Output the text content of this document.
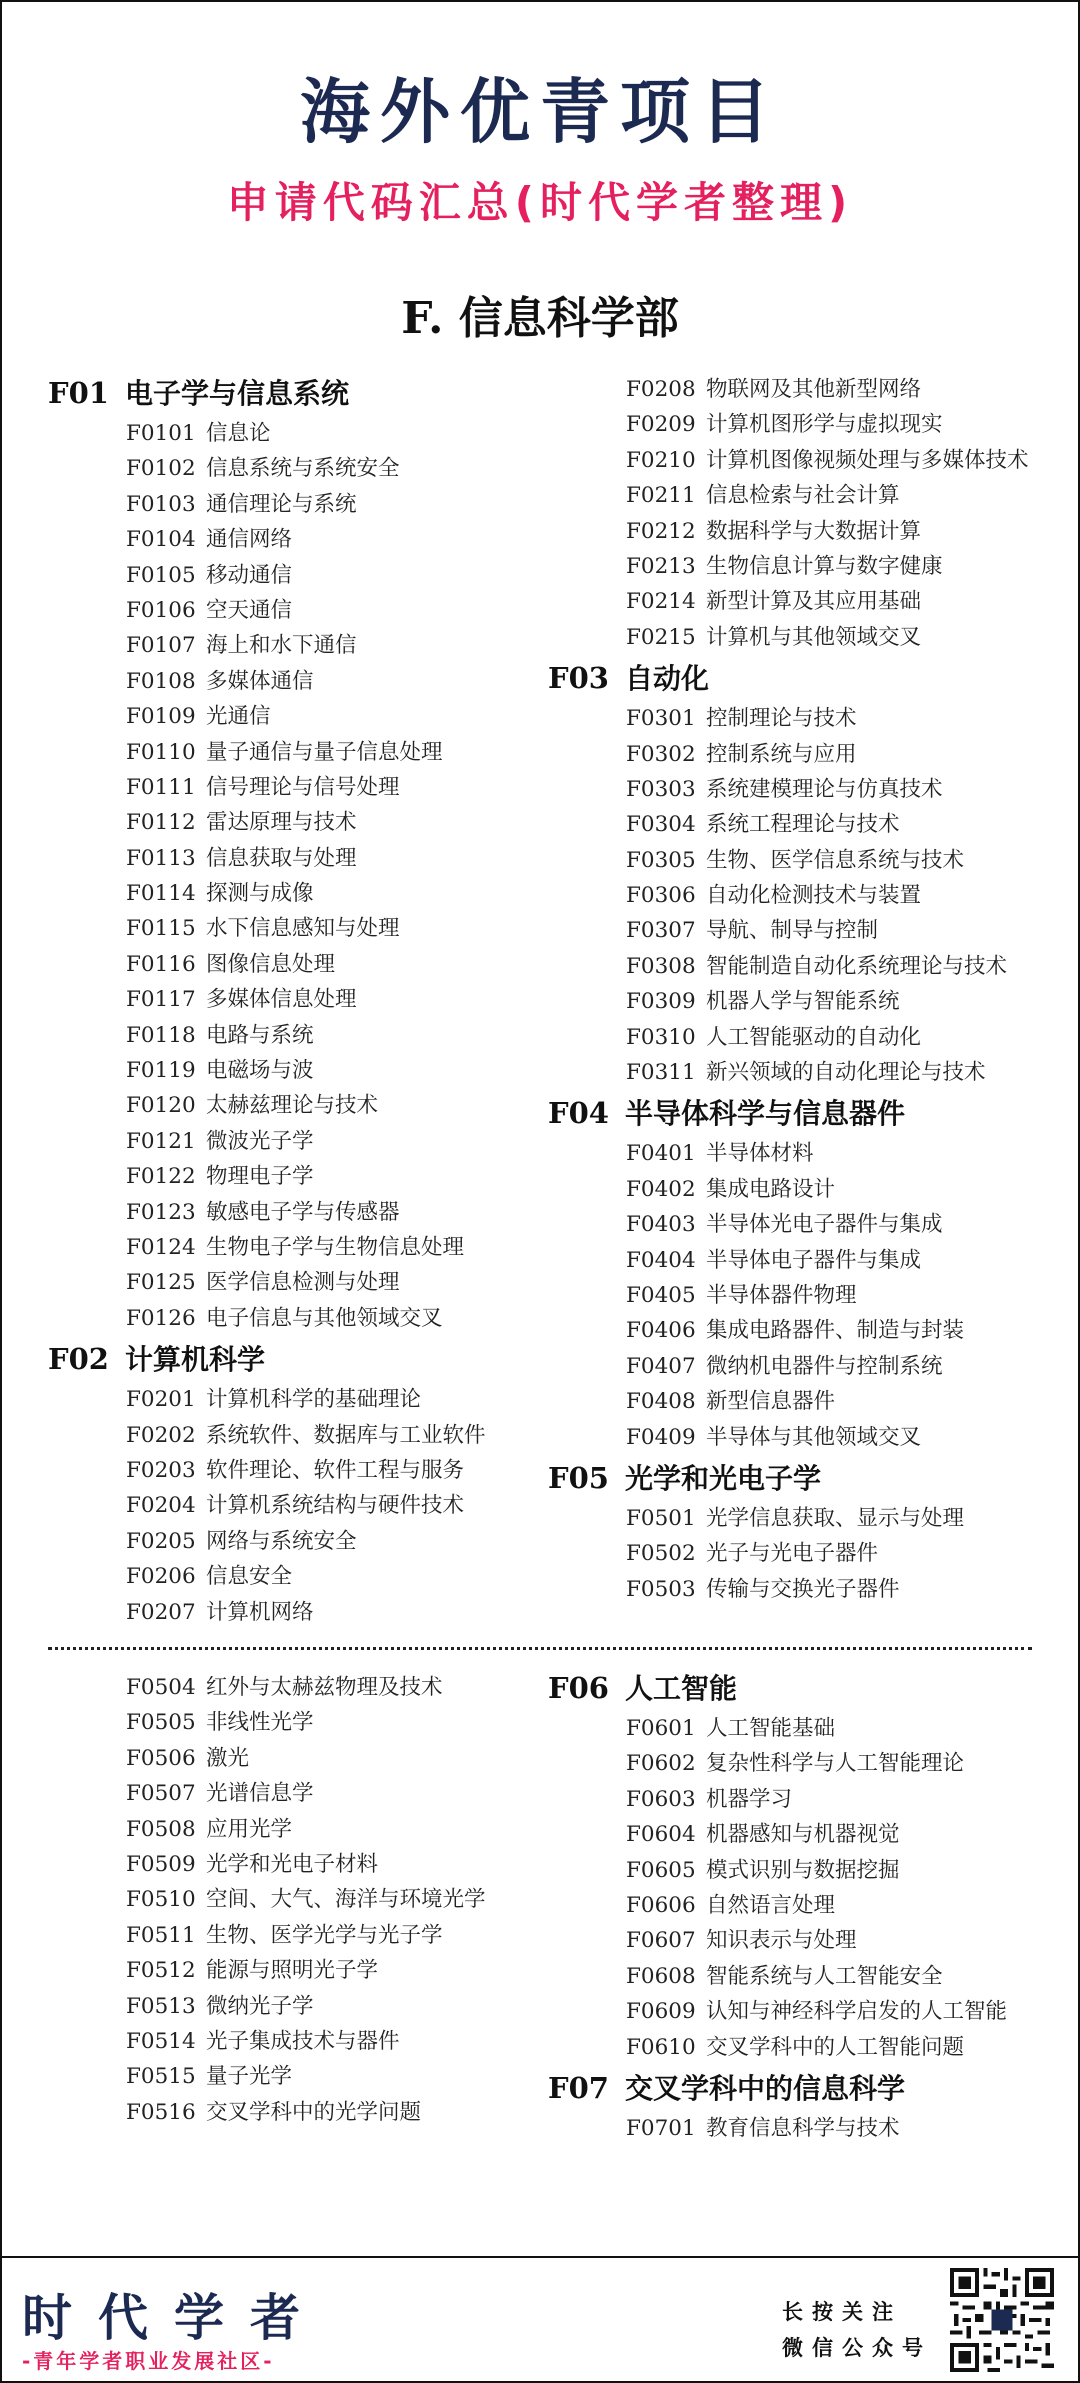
海外优青项目
申请代码汇总(时代学者整理)
F. 信息科学部
F01 电子学与信息系统
F0101 信息论
F0102 信息系统与系统安全
F0103 通信理论与系统
F0104 通信网络
F0105 移动通信
F0106 空天通信
F0107 海上和水下通信
F0108 多媒体通信
F0109 光通信
F0110 量子通信与量子信息处理
F0111 信号理论与信号处理
F0112 雷达原理与技术
F0113 信息获取与处理
F0114 探测与成像
F0115 水下信息感知与处理
F0116 图像信息处理
F0117 多媒体信息处理
F0118 电路与系统
F0119 电磁场与波
F0120 太赫兹理论与技术
F0121 微波光子学
F0122 物理电子学
F0123 敏感电子学与传感器
F0124 生物电子学与生物信息处理
F0125 医学信息检测与处理
F0126 电子信息与其他领域交叉
F02 计算机科学
F0201 计算机科学的基础理论
F0202 系统软件、数据库与工业软件
F0203 软件理论、软件工程与服务
F0204 计算机系统结构与硬件技术
F0205 网络与系统安全
F0206 信息安全
F0207 计算机网络
F0208 物联网及其他新型网络
F0209 计算机图形学与虚拟现实
F0210 计算机图像视频处理与多媒体技术
F0211 信息检索与社会计算
F0212 数据科学与大数据计算
F0213 生物信息计算与数字健康
F0214 新型计算及其应用基础
F0215 计算机与其他领域交叉
F03 自动化
F0301 控制理论与技术
F0302 控制系统与应用
F0303 系统建模理论与仿真技术
F0304 系统工程理论与技术
F0305 生物、医学信息系统与技术
F0306 自动化检测技术与装置
F0307 导航、制导与控制
F0308 智能制造自动化系统理论与技术
F0309 机器人学与智能系统
F0310 人工智能驱动的自动化
F0311 新兴领域的自动化理论与技术
F04 半导体科学与信息器件
F0401 半导体材料
F0402 集成电路设计
F0403 半导体光电子器件与集成
F0404 半导体电子器件与集成
F0405 半导体器件物理
F0406 集成电路器件、制造与封装
F0407 微纳机电器件与控制系统
F0408 新型信息器件
F0409 半导体与其他领域交叉
F05 光学和光电子学
F0501 光学信息获取、显示与处理
F0502 光子与光电子器件
F0503 传输与交换光子器件
F0504 红外与太赫兹物理及技术
F0505 非线性光学
F0506 激光
F0507 光谱信息学
F0508 应用光学
F0509 光学和光电子材料
F0510 空间、大气、海洋与环境光学
F0511 生物、医学光学与光子学
F0512 能源与照明光子学
F0513 微纳光子学
F0514 光子集成技术与器件
F0515 量子光学
F0516 交叉学科中的光学问题
F06 人工智能
F0601 人工智能基础
F0602 复杂性科学与人工智能理论
F0603 机器学习
F0604 机器感知与机器视觉
F0605 模式识别与数据挖掘
F0606 自然语言处理
F0607 知识表示与处理
F0608 智能系统与人工智能安全
F0609 认知与神经科学启发的人工智能
F0610 交叉学科中的人工智能问题
F07 交叉学科中的信息科学
F0701 教育信息科学与技术
时代学者
-青年学者职业发展社区-
长按关注
微信公众号
